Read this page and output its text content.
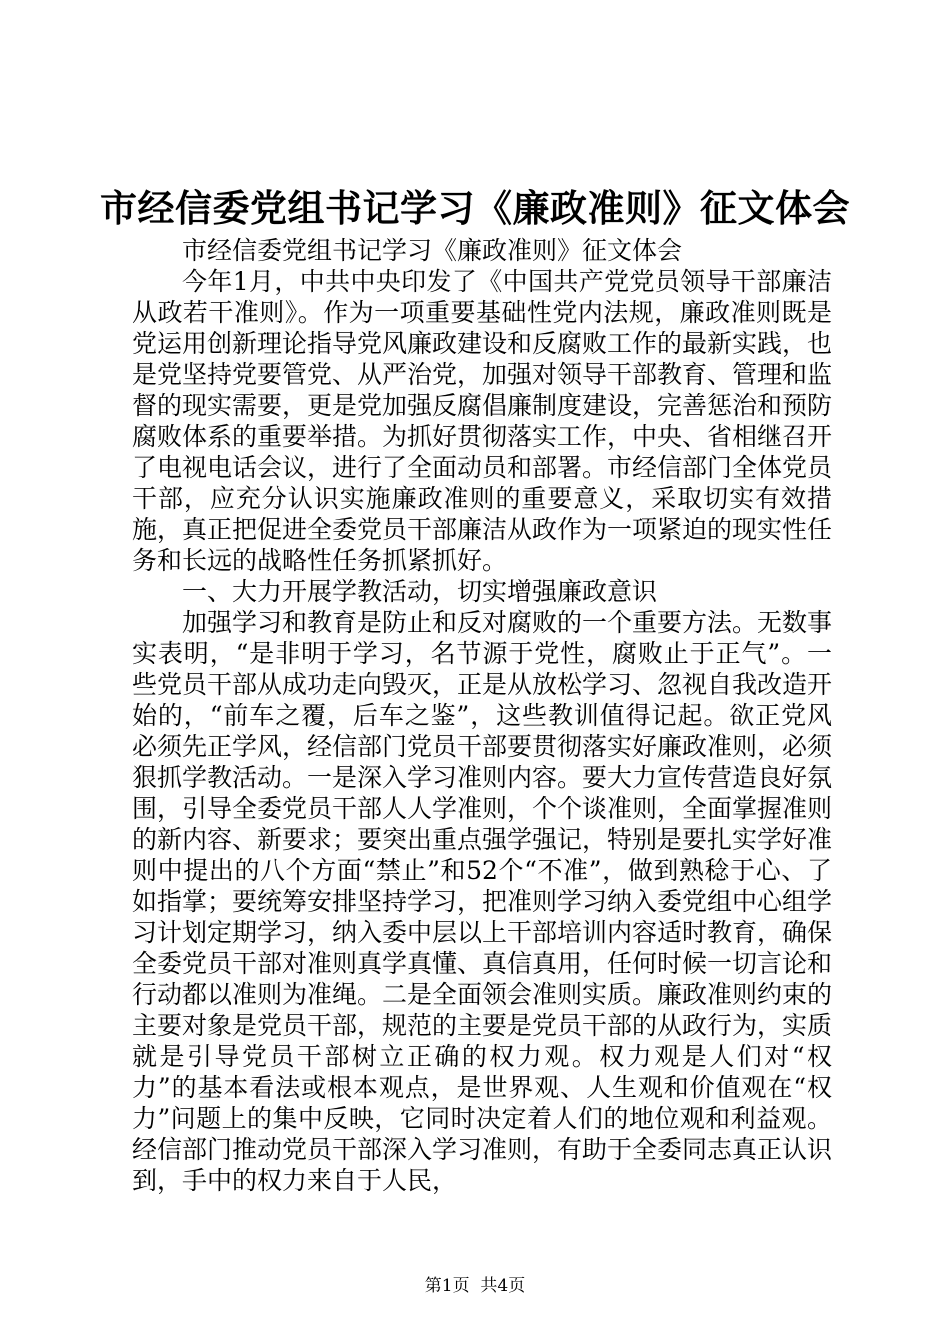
市经信委党组书记学习《廉政准则》征文体会

市经信委党组书记学习《廉政准则》征文体会

今年1月，中共中央印发了《中国共产党党员领导干部廉洁从政若干准则》。作为一项重要基础性党内法规，廉政准则既是党运用创新理论指导党风廉政建设和反腐败工作的最新实践，也是党坚持党要管党、从严治党，加强对领导干部教育、管理和监督的现实需要，更是党加强反腐倡廉制度建设，完善惩治和预防腐败体系的重要举措。为抓好贯彻落实工作，中央、省相继召开了电视电话会议，进行了全面动员和部署。市经信部门全体党员干部，应充分认识实施廉政准则的重要意义，采取切实有效措施，真正把促进全委党员干部廉洁从政作为一项紧迫的现实性任务和长远的战略性任务抓紧抓好。

一、大力开展学教活动，切实增强廉政意识

加强学习和教育是防止和反对腐败的一个重要方法。无数事实表明，“是非明于学习，名节源于党性，腐败止于正气”。一些党员干部从成功走向毁灭，正是从放松学习、忽视自我改造开始的，“前车之覆，后车之鉴”，这些教训值得记起。欲正党风必须先正学风，经信部门党员干部要贯彻落实好廉政准则，必须狠抓学教活动。一是深入学习准则内容。要大力宣传营造良好氛围，引导全委党员干部人人学准则，个个谈准则，全面掌握准则的新内容、新要求；要突出重点强学强记，特别是要扎实学好准则中提出的八个方面“禁止”和52个“不准”，做到熟稔于心、了如指掌；要统筹安排坚持学习，把准则学习纳入委党组中心组学习计划定期学习，纳入委中层以上干部培训内容适时教育，确保全委党员干部对准则真学真懂、真信真用，任何时候一切言论和行动都以准则为准绳。二是全面领会准则实质。廉政准则约束的主要对象是党员干部，规范的主要是党员干部的从政行为，实质就是引导党员干部树立正确的权力观。权力观是人们对“权力”的基本看法或根本观点，是世界观、人生观和价值观在“权力”问题上的集中反映，它同时决定着人们的地位观和利益观。经信部门推动党员干部深入学习准则，有助于全委同志真正认识到，手中的权力来自于人民，

第1页  共4页
